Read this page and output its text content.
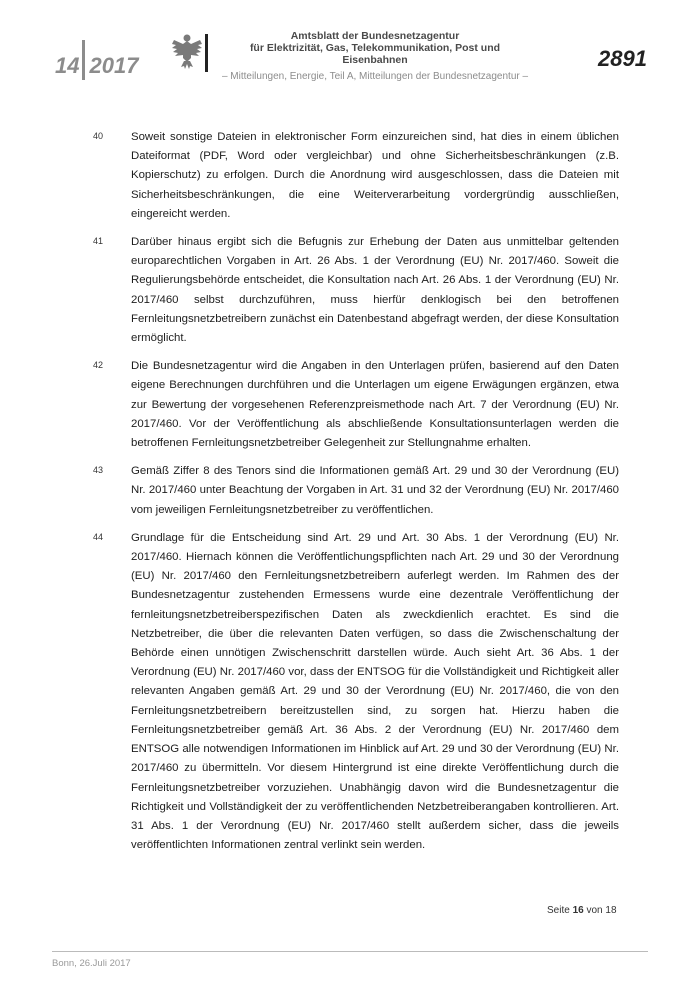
14 2017
Amtsblatt der Bundesnetzagentur
für Elektrizität, Gas, Telekommunikation, Post und Eisenbahnen
– Mitteilungen, Energie, Teil A, Mitteilungen der Bundesnetzagentur –
2891
40	Soweit sonstige Dateien in elektronischer Form einzureichen sind, hat dies in einem üblichen Dateiformat (PDF, Word oder vergleichbar) und ohne Sicherheitsbeschränkungen (z.B. Kopierschutz) zu erfolgen. Durch die Anordnung wird ausgeschlossen, dass die Dateien mit Sicherheitsbeschränkungen, die eine Weiterverarbeitung vordergründig ausschließen, eingereicht werden.
41	Darüber hinaus ergibt sich die Befugnis zur Erhebung der Daten aus unmittelbar geltenden europarechtlichen Vorgaben in Art. 26 Abs. 1 der Verordnung (EU) Nr. 2017/460. Soweit die Regulierungsbehörde entscheidet, die Konsultation nach Art. 26 Abs. 1 der Verordnung (EU) Nr. 2017/460 selbst durchzuführen, muss hierfür denklogisch bei den betroffenen Fernleitungsnetzbetreibern zunächst ein Datenbestand abgefragt werden, der diese Konsultation ermöglicht.
42	Die Bundesnetzagentur wird die Angaben in den Unterlagen prüfen, basierend auf den Daten eigene Berechnungen durchführen und die Unterlagen um eigene Erwägungen ergänzen, etwa zur Bewertung der vorgesehenen Referenzpreismethode nach Art. 7 der Verordnung (EU) Nr. 2017/460. Vor der Veröffentlichung als abschließende Konsultationsunterlagen werden die betroffenen Fernleitungsnetzbetreiber Gelegenheit zur Stellungnahme erhalten.
43	Gemäß Ziffer 8 des Tenors sind die Informationen gemäß Art. 29 und 30 der Verordnung (EU) Nr. 2017/460 unter Beachtung der Vorgaben in Art. 31 und 32 der Verordnung (EU) Nr. 2017/460 vom jeweiligen Fernleitungsnetzbetreiber zu veröffentlichen.
44	Grundlage für die Entscheidung sind Art. 29 und Art. 30 Abs. 1 der Verordnung (EU) Nr. 2017/460. Hiernach können die Veröffentlichungspflichten nach Art. 29 und 30 der Verordnung (EU) Nr. 2017/460 den Fernleitungsnetzbetreibern auferlegt werden. Im Rahmen des der Bundesnetzagentur zustehenden Ermessens wurde eine dezentrale Veröffentlichung der fernleitungsnetzbetreiberspezifischen Daten als zweckdienlich erachtet. Es sind die Netzbetreiber, die über die relevanten Daten verfügen, so dass die Zwischenschaltung der Behörde einen unnötigen Zwischenschritt darstellen würde. Auch sieht Art. 36 Abs. 1 der Verordnung (EU) Nr. 2017/460 vor, dass der ENTSOG für die Vollständigkeit und Richtigkeit aller relevanten Angaben gemäß Art. 29 und 30 der Verordnung (EU) Nr. 2017/460, die von den Fernleitungsnetzbetreibern bereitzustellen sind, zu sorgen hat. Hierzu haben die Fernleitungsnetzbetreiber gemäß Art. 36 Abs. 2 der Verordnung (EU) Nr. 2017/460 dem ENTSOG alle notwendigen Informationen im Hinblick auf Art. 29 und 30 der Verordnung (EU) Nr. 2017/460 zu übermitteln. Vor diesem Hintergrund ist eine direkte Veröffentlichung durch die Fernleitungsnetzbetreiber vorzuziehen. Unabhängig davon wird die Bundesnetzagentur die Richtigkeit und Vollständigkeit der zu veröffentlichenden Netzbetreiberangaben kontrollieren. Art. 31 Abs. 1 der Verordnung (EU) Nr. 2017/460 stellt außerdem sicher, dass die jeweils veröffentlichten Informationen zentral verlinkt sein werden.
Seite 16 von 18
Bonn, 26.Juli 2017
